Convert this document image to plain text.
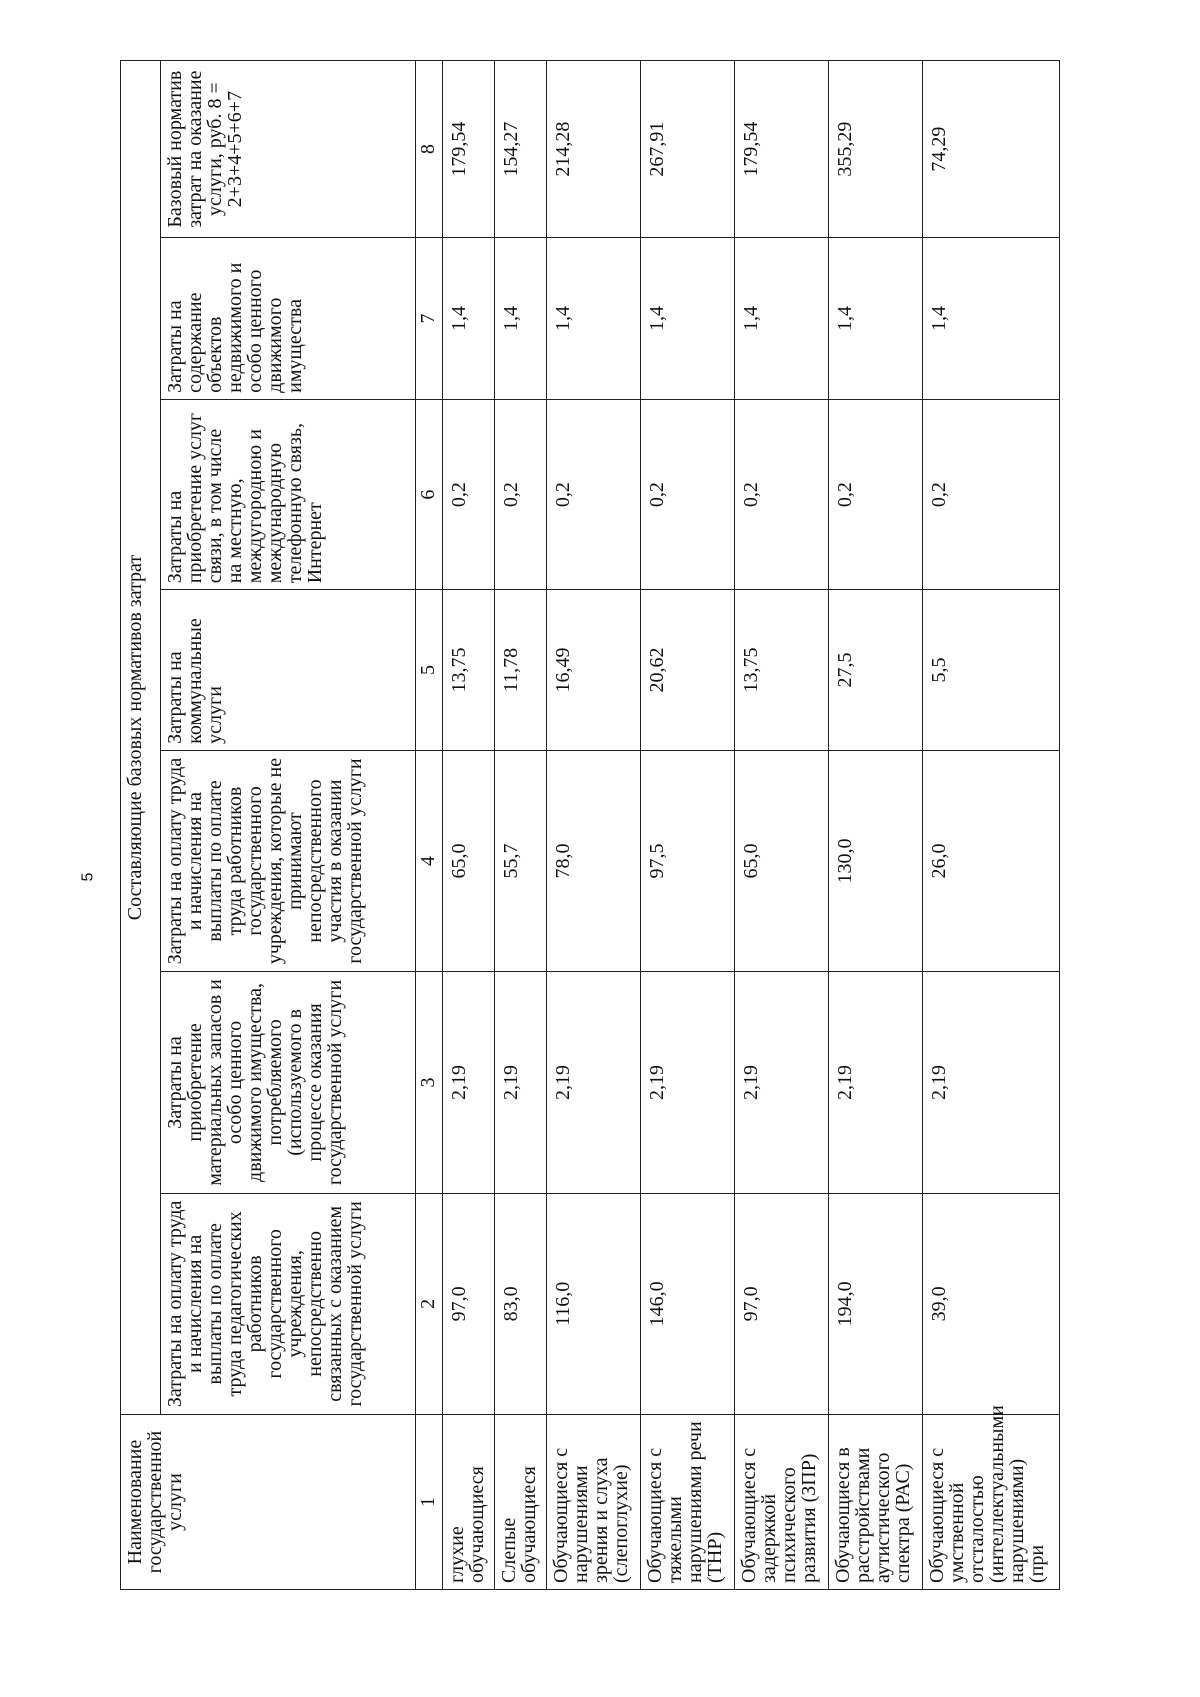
5
Наименование государственной услуги	Составляющие базовых нормативов затрат						
	Затраты на оплату труда и начисления на выплаты по оплате труда педагогических работников государственного учреждения, непосредственно связанных с оказанием государственной услуги	Затраты на приобретение материальных запасов и особо ценного движимого имущества, потребляемого (используемого в процессе оказания государственной услуги	Затраты на оплату труда и начисления на выплаты по оплате труда работников государственного учреждения, которые не принимают непосредственного участия в оказании государственной услуги	Затраты на коммунальные услуги	Затраты на приобретение услуг связи, в том числе на местную, междугородною и международную телефонную связь, Интернет	Затраты на содержание объектов недвижимого и особо ценного движимого имущества	Базовый норматив затрат на оказание услуги, руб. 8 = 2+3+4+5+6+7
1	2	3	4	5	6	7	8
глухие обучающиеся	97,0	2,19	65,0	13,75	0,2	1,4	179,54
Слепые обучающиеся	83,0	2,19	55,7	11,78	0,2	1,4	154,27
Обучающиеся с нарушениями зрения и слуха (слепоглухие)	116,0	2,19	78,0	16,49	0,2	1,4	214,28
Обучающиеся с тяжелыми нарушениями речи (ТНР)	146,0	2,19	97,5	20,62	0,2	1,4	267,91
Обучающиеся с задержкой психического развития (ЗПР)	97,0	2,19	65,0	13,75	0,2	1,4	179,54
Обучающиеся в расстройствами аутистического спектра (РАС)	194,0	2,19	130,0	27,5	0,2	1,4	355,29
Обучающиеся с умственной отсталостью (интеллектуальными нарушениями) (при	39,0	2,19	26,0	5,5	0,2	1,4	74,29
